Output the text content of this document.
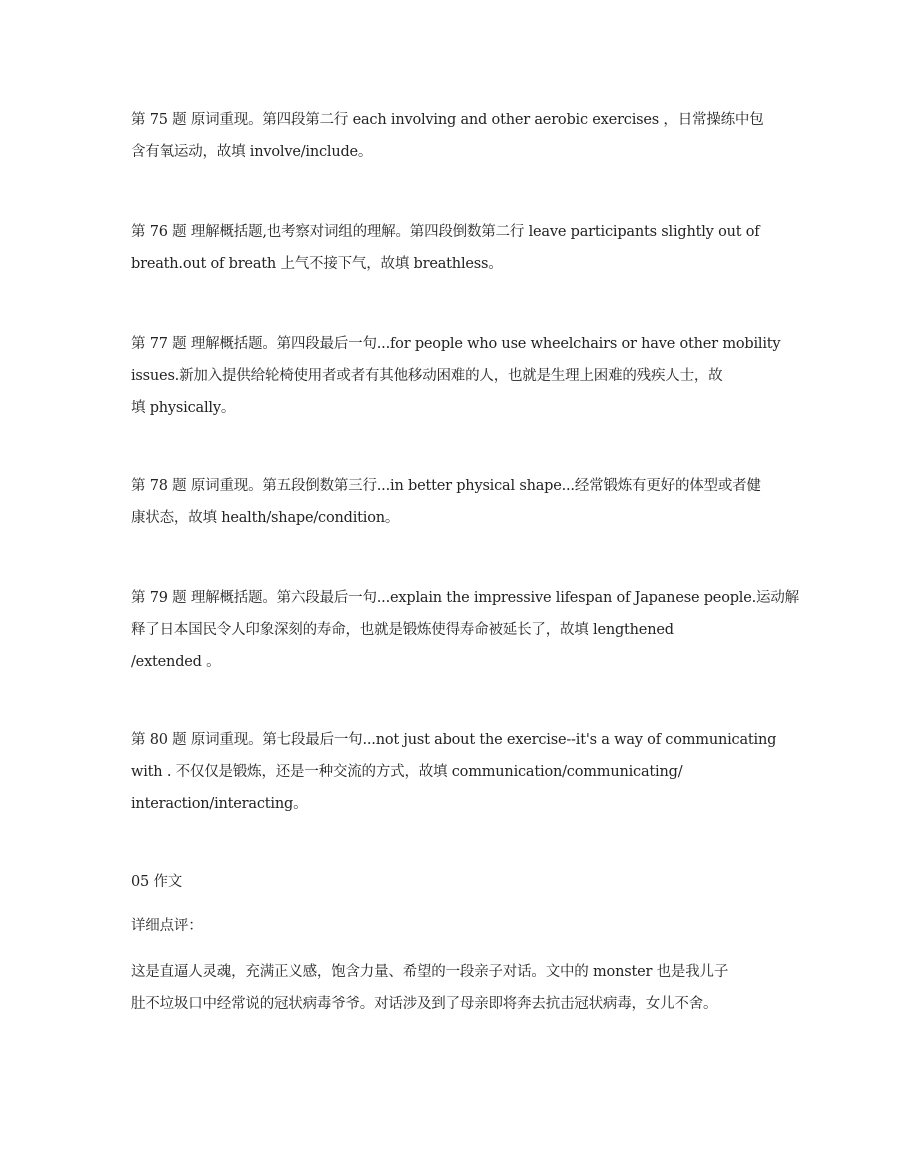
第 75 题 原词重现。第四段第二行 each involving and other aerobic exercises ，日常操练中包
含有氧运动，故填 involve/include。

第 76 题 理解概括题,也考察对词组的理解。第四段倒数第二行 leave participants slightly out of
breath.out of breath 上气不接下气，故填 breathless。

第 77 题 理解概括题。第四段最后一句...for people who use wheelchairs or have other mobility
issues.新加入提供给轮椅使用者或者有其他移动困难的人，也就是生理上困难的残疾人士，故
填 physically。

第 78 题 原词重现。第五段倒数第三行...in better physical shape...经常锻炼有更好的体型或者健
康状态，故填 health/shape/condition。

第 79 题 理解概括题。第六段最后一句...explain the impressive lifespan of Japanese people.运动解
释了日本国民令人印象深刻的寿命，也就是锻炼使得寿命被延长了，故填 lengthened
/extended 。

第 80 题 原词重现。第七段最后一句...not just about the exercise--it's a way of communicating
with . 不仅仅是锻炼，还是一种交流的方式，故填 communication/communicating/
interaction/interacting。

05 作文

详细点评：

这是直逼人灵魂，充满正义感，饱含力量、希望的一段亲子对话。文中的 monster 也是我儿子
肚不垃圾口中经常说的冠状病毒爷爷。对话涉及到了母亲即将奔去抗击冠状病毒，女儿不舍。
